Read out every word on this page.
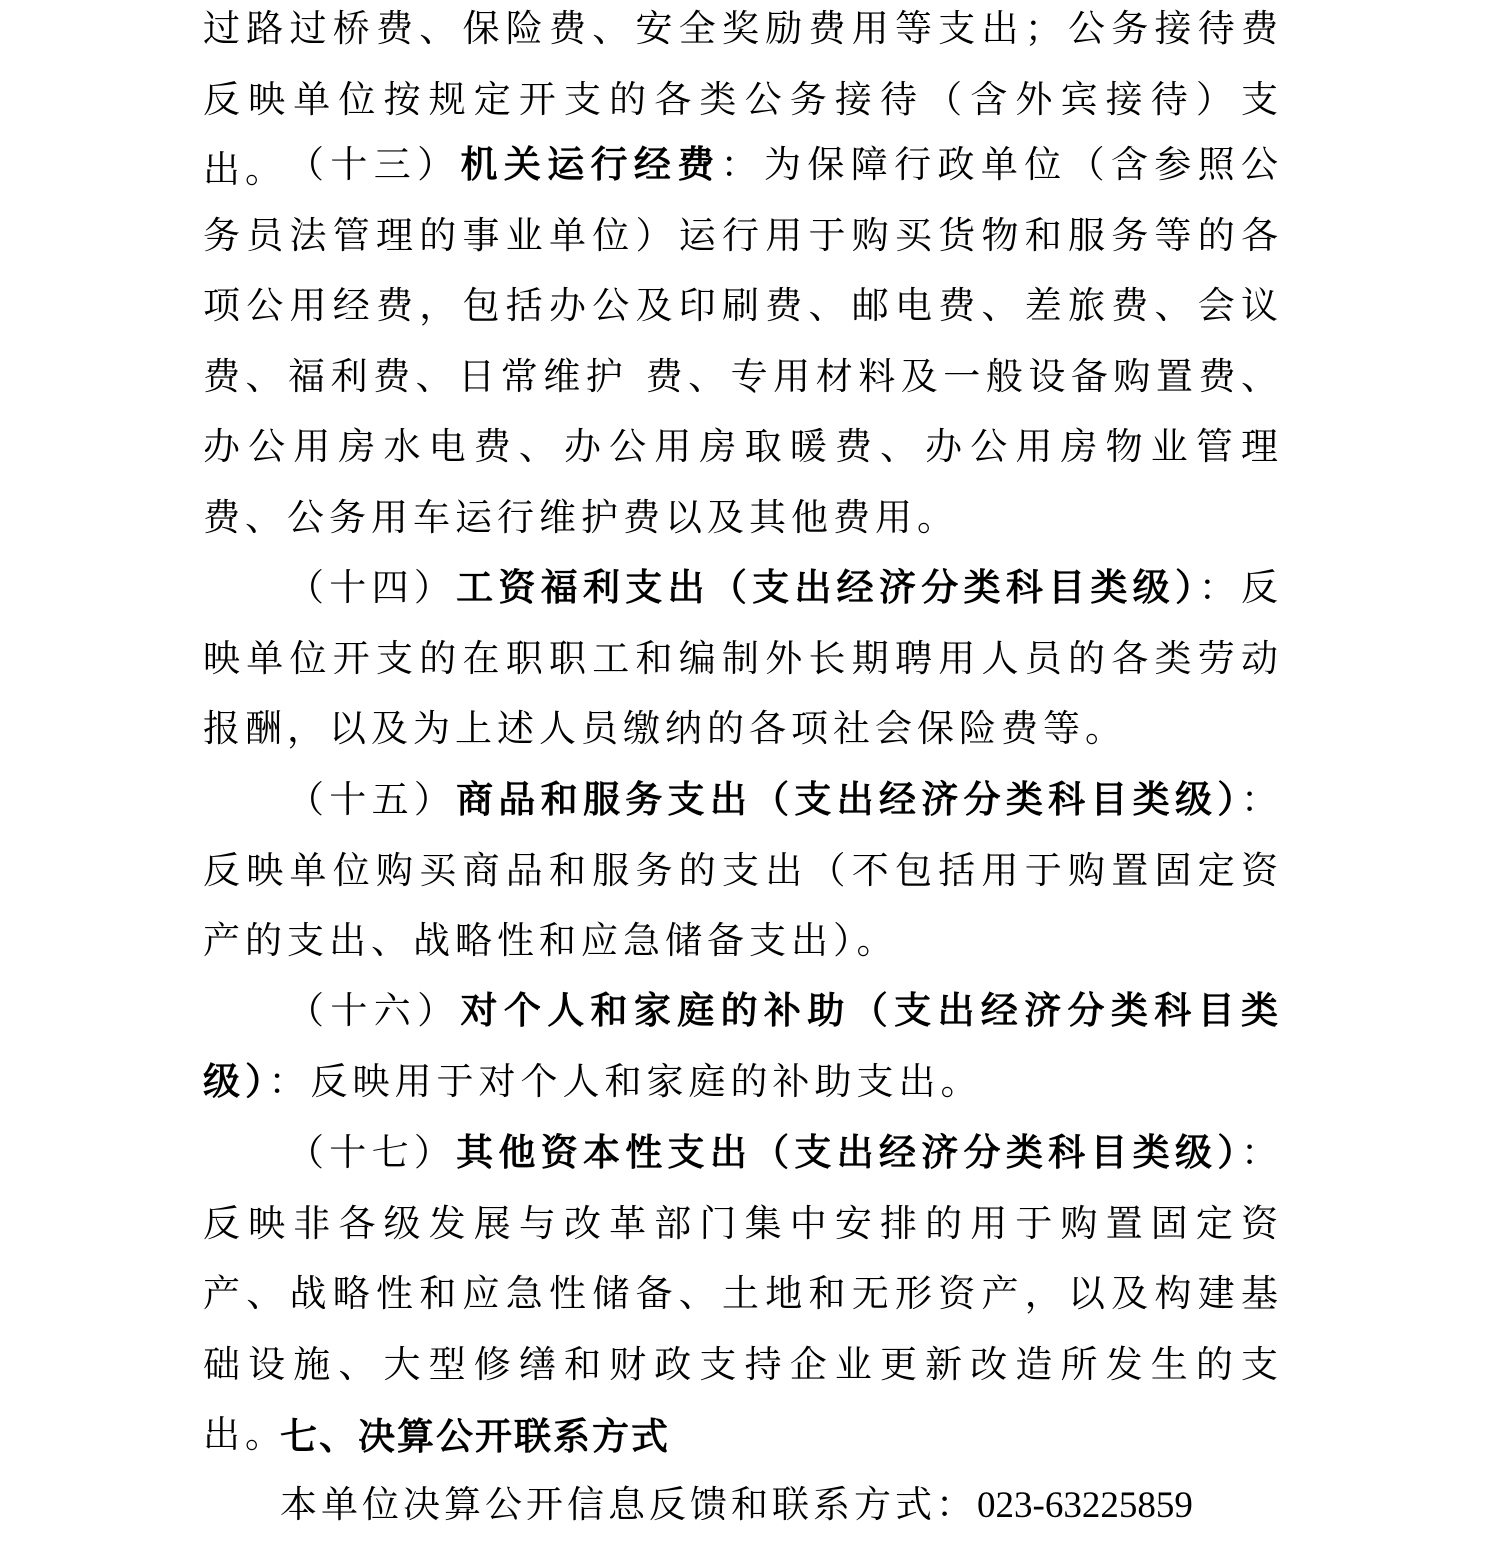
过路过桥费、保险费、安全奖励费用等支出；公务接待费反映单位按规定开支的各类公务接待（含外宾接待）支出。 （十三）机关运行经费：为保障行政单位（含参照公务员法管理的事业单位）运行用于购买货物和服务等的各项公用经费，包括办公及印刷费、邮电费、差旅费、会议费、福利费、日常维护 费、专用材料及一般设备购置费、办公用房水电费、办公用房取暖费、办公用房物业管理费、公务用车运行维护费以及其他费用。

（十四）工资福利支出（支出经济分类科目类级）：反映单位开支的在职职工和编制外长期聘用人员的各类劳动报酬，以及为上述人员缴纳的各项社会保险费等。

（十五）商品和服务支出（支出经济分类科目类级）：反映单位购买商品和服务的支出（不包括用于购置固定资产的支出、战略性和应急储备支出）。

（十六）对个人和家庭的补助（支出经济分类科目类级）：反映用于对个人和家庭的补助支出。

（十七）其他资本性支出（支出经济分类科目类级）：反映非各级发展与改革部门集中安排的用于购置固定资产、战略性和应急性储备、土地和无形资产，以及构建基础设施、大型修缮和财政支持企业更新改造所发生的支出。

七、决算公开联系方式

本单位决算公开信息反馈和联系方式：023-63225859
